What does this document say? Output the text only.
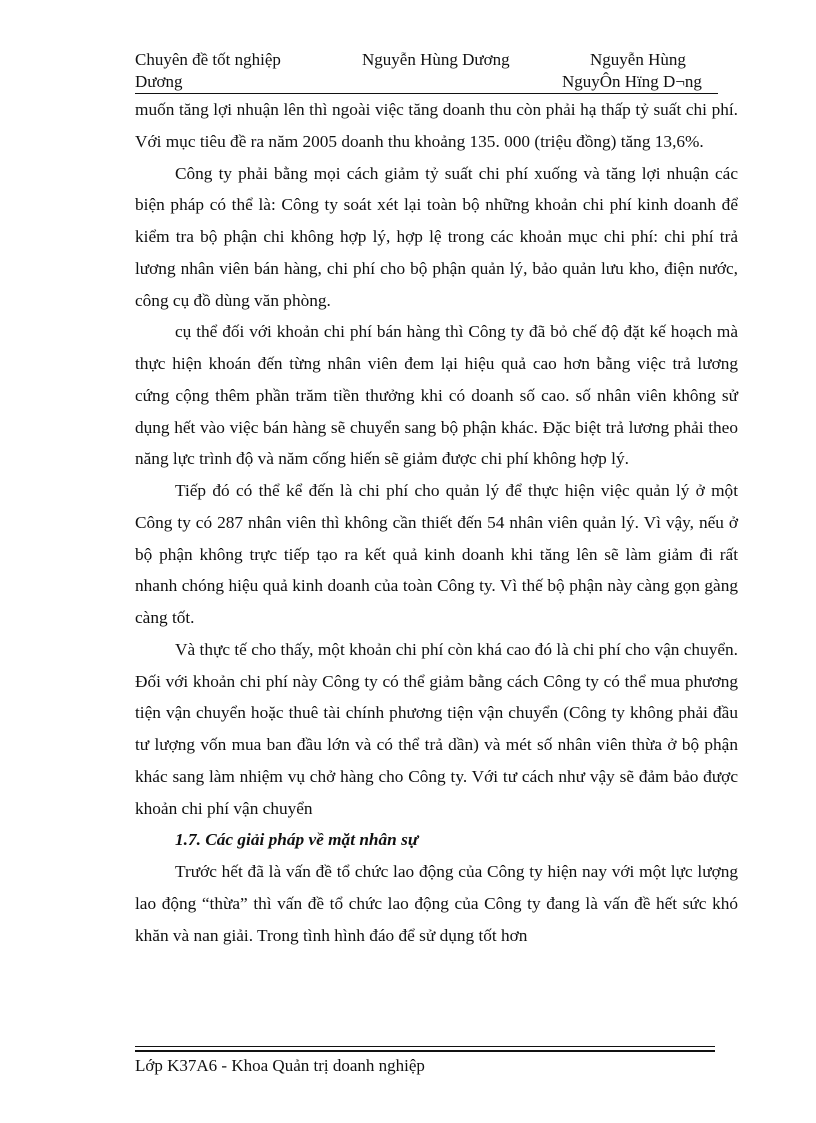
Chuyên đề tốt nghiệp	Nguyễn Hùng Dương	Nguyễn Hùng
Dương	NguyÔn Hïng D¬ng

muốn tăng lợi nhuận lên thì ngoài việc tăng doanh thu còn phải hạ thấp tỷ suất chi phí. Với mục tiêu đề ra năm 2005 doanh thu khoảng 135. 000 (triệu đồng) tăng 13,6%.

Công ty phải bằng mọi cách giảm tỷ suất chi phí xuống và tăng lợi nhuận các biện pháp có thể là: Công ty soát xét lại toàn bộ những khoản chi phí kinh doanh để kiểm tra bộ phận chi không hợp lý, hợp lệ trong các khoản mục chi phí: chi phí trả lương nhân viên bán hàng, chi phí cho bộ phận quản lý, bảo quản lưu kho, điện nước, công cụ đồ dùng văn phòng.

cụ thể đối với khoản chi phí bán hàng thì Công ty đã bỏ chế độ đặt kế hoạch mà thực hiện khoán đến từng nhân viên đem lại hiệu quả cao hơn bằng việc trả lương cứng cộng thêm phần trăm tiền thưởng khi có doanh số cao. số nhân viên không sử dụng hết vào việc bán hàng sẽ chuyển sang bộ phận khác. Đặc biệt trả lương phải theo năng lực trình độ và năm cống hiến sẽ giảm được chi phí không hợp lý.

Tiếp đó có thể kể đến là chi phí cho quản lý để thực hiện việc quản lý ở một Công ty có 287 nhân viên thì không cần thiết đến 54 nhân viên quản lý. Vì vậy, nếu ở bộ phận không trực tiếp tạo ra kết quả kinh doanh khi tăng lên sẽ làm giảm đi rất nhanh chóng hiệu quả kinh doanh của toàn Công ty. Vì thế bộ phận này càng gọn gàng càng tốt.

Và thực tế cho thấy, một khoản chi phí còn khá cao đó là chi phí cho vận chuyển. Đối với khoản chi phí này Công ty có thể giảm bằng cách Công ty có thể mua phương tiện vận chuyển hoặc thuê tài chính phương tiện vận chuyển (Công ty không phải đầu tư lượng vốn mua ban đầu lớn và có thể trả dần) và mét số nhân viên thừa ở bộ phận khác sang làm nhiệm vụ chở hàng cho Công ty. Với tư cách như vậy sẽ đảm bảo được khoản chi phí vận chuyển

1.7. Các giải pháp về mặt nhân sự

Trước hết đã là vấn đề tổ chức lao động của Công ty hiện nay với một lực lượng lao động “thừa” thì vấn đề tổ chức lao động của Công ty đang là vấn đề hết sức khó khăn và nan giải. Trong tình hình đáo để sử dụng tốt hơn

Lớp K37A6 - Khoa Quản trị doanh nghiệp
